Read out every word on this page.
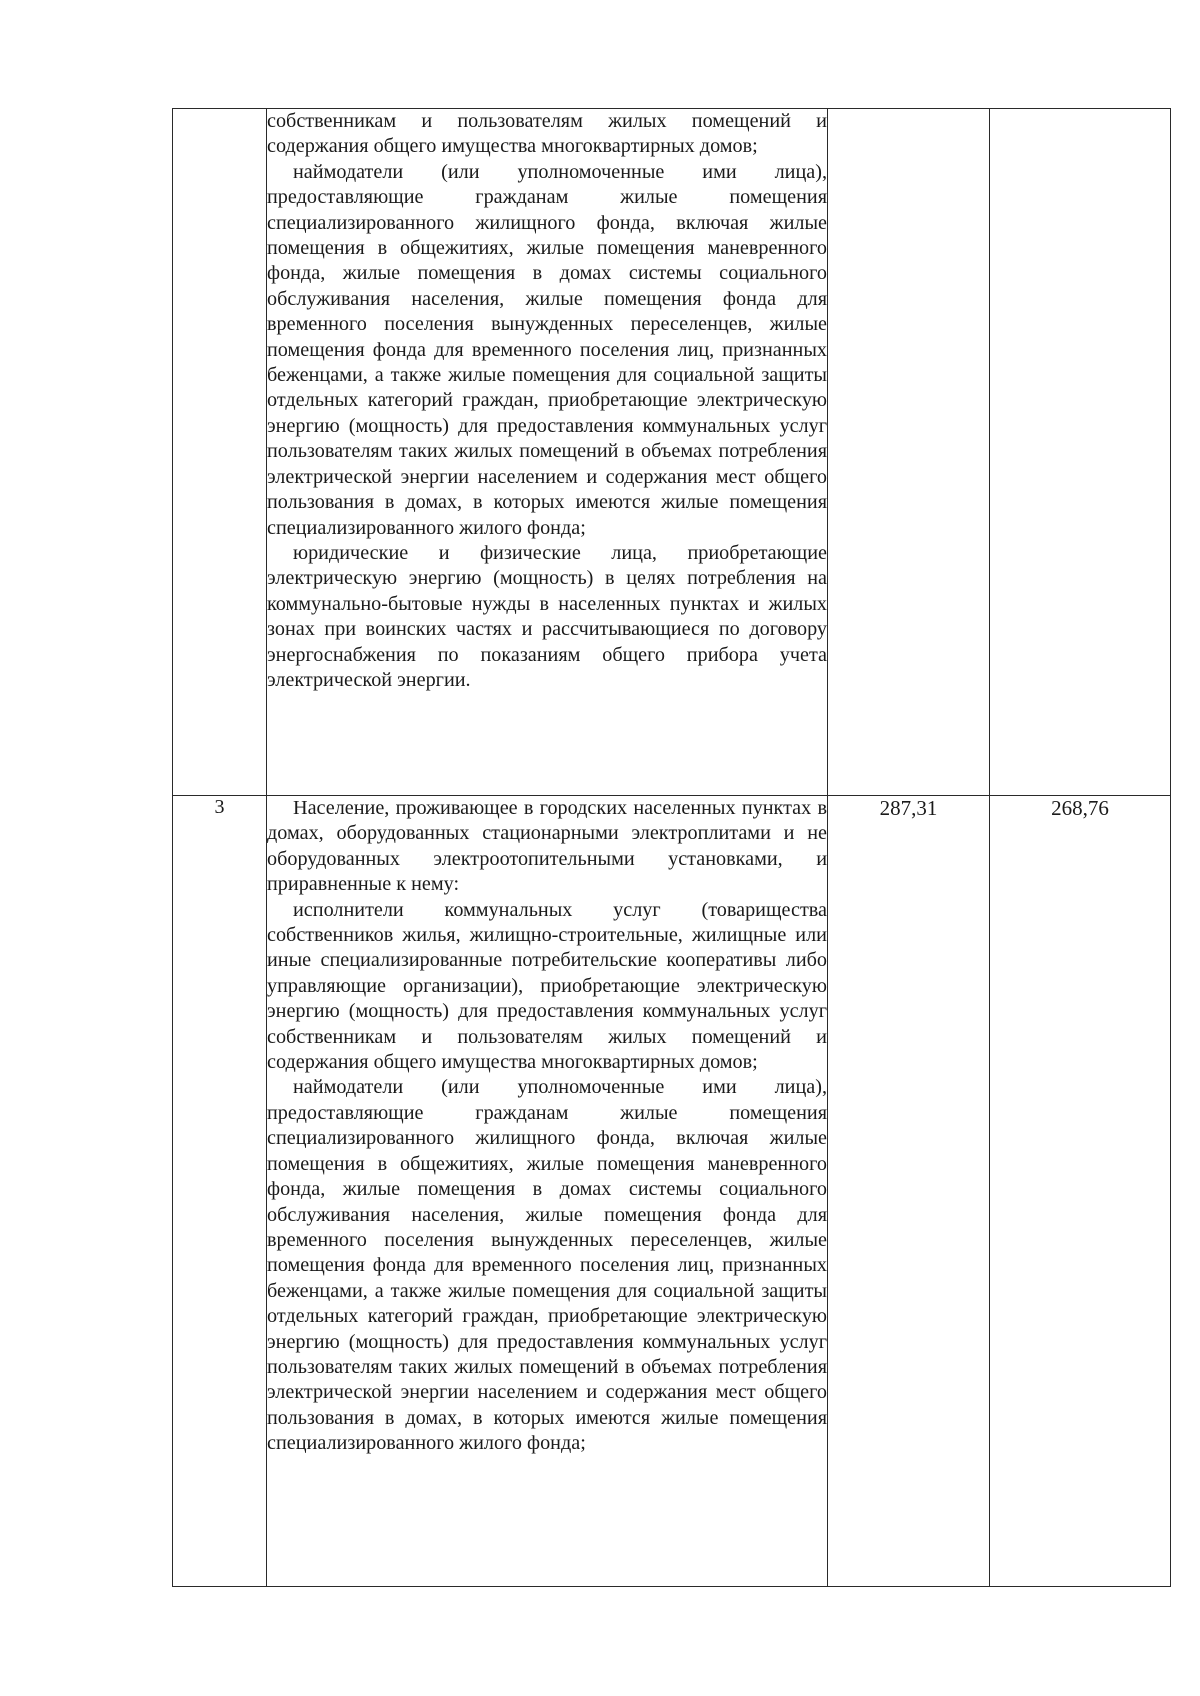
	собственникам и пользователям жилых помещений и содержания общего имущества многоквартирных домов;

наймодатели (или уполномоченные ими лица), предоставляющие гражданам жилые помещения специализированного жилищного фонда, включая жилые помещения в общежитиях, жилые помещения маневренного фонда, жилые помещения в домах системы социального обслуживания населения, жилые помещения фонда для временного поселения вынужденных переселенцев, жилые помещения фонда для временного поселения лиц, признанных беженцами, а также жилые помещения для социальной защиты отдельных категорий граждан, приобретающие электрическую энергию (мощность) для предоставления коммунальных услуг пользователям таких жилых помещений в объемах потребления электрической энергии населением и содержания мест общего пользования в домах, в которых имеются жилые помещения специализированного жилого фонда;

юридические и физические лица, приобретающие электрическую энергию (мощность) в целях потребления на коммунально-бытовые нужды в населенных пунктах и жилых зонах при воинских частях и рассчитывающиеся по договору энергоснабжения по показаниям общего прибора учета электрической энергии.		

3	Население, проживающее в городских населенных пунктах в домах, оборудованных стационарными электроплитами и не оборудованных электроотопительными установками, и приравненные к нему:

исполнители коммунальных услуг (товарищества собственников жилья, жилищно-строительные, жилищные или иные специализированные потребительские кооперативы либо управляющие организации), приобретающие электрическую энергию (мощность) для предоставления коммунальных услуг собственникам и пользователям жилых помещений и содержания общего имущества многоквартирных домов;

наймодатели (или уполномоченные ими лица), предоставляющие гражданам жилые помещения специализированного жилищного фонда, включая жилые помещения в общежитиях, жилые помещения маневренного фонда, жилые помещения в домах системы социального обслуживания населения, жилые помещения фонда для временного поселения вынужденных переселенцев, жилые помещения фонда для временного поселения лиц, признанных беженцами, а также жилые помещения для социальной защиты отдельных категорий граждан, приобретающие электрическую энергию (мощность) для предоставления коммунальных услуг пользователям таких жилых помещений в объемах потребления электрической энергии населением и содержания мест общего пользования в домах, в которых имеются жилые помещения специализированного жилого фонда;	287,31	268,76
